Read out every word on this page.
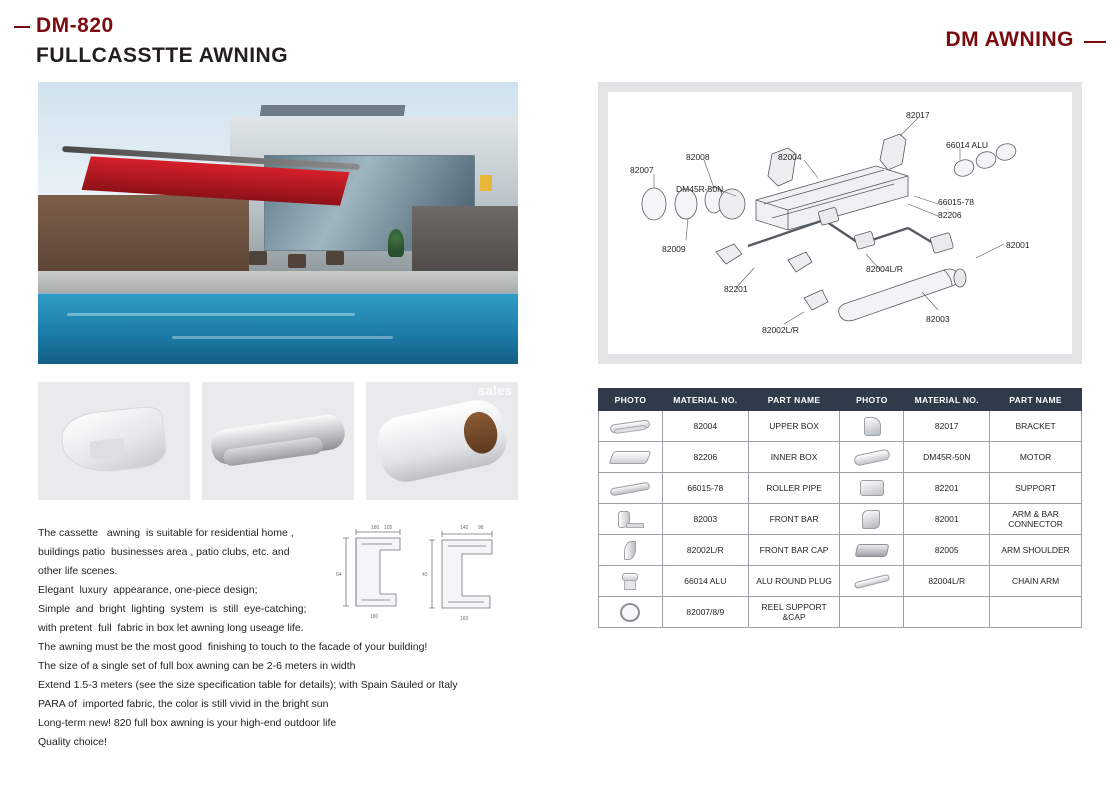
DM-820
FULLCASSTTE AWNING
DM AWNING
sales

The cassette   awning  is suitable for residential home ,

buildings patio  businesses area , patio clubs, etc. and

other life scenes.

Elegant  luxury  appearance, one-piece design;

Simple  and  bright  lighting  system  is  still  eye-catching;

with pretent  full  fabric in box let awning long useage life.

The awning must be the most good  finishing to touch to the facade of your building!

The size of a single set of full box awning can be 2-6 meters in width

Extend 1.5-3 meters (see the size specification table for details); with Spain Sauled or Italy

PARA of  imported fabric, the color is still vivid in the bright sun

Long-term new! 820 full box awning is your high-end outdoor life

Quality choice!

180 105
64
180
140 98
40
160
82017
66014 ALU
82004
82008
82007
DM45R-50N
66015-78
82206
82009	82001
82004L/R
82201
82003
82002L/R
PHOTO	MATERIAL NO.	PART NAME	PHOTO	MATERIAL NO.	PART NAME

	82004	UPPER BOX		82017	BRACKET

	82206	INNER BOX		DM45R-50N	MOTOR

	66015-78	ROLLER PIPE		82201	SUPPORT

	82003	FRONT BAR		82001	ARM & BAR CONNECTOR

	82002L/R	FRONT BAR CAP		82005	ARM SHOULDER

	66014 ALU	ALU ROUND PLUG		82004L/R	CHAIN ARM

	82007/8/9	REEL SUPPORT &CAP			
